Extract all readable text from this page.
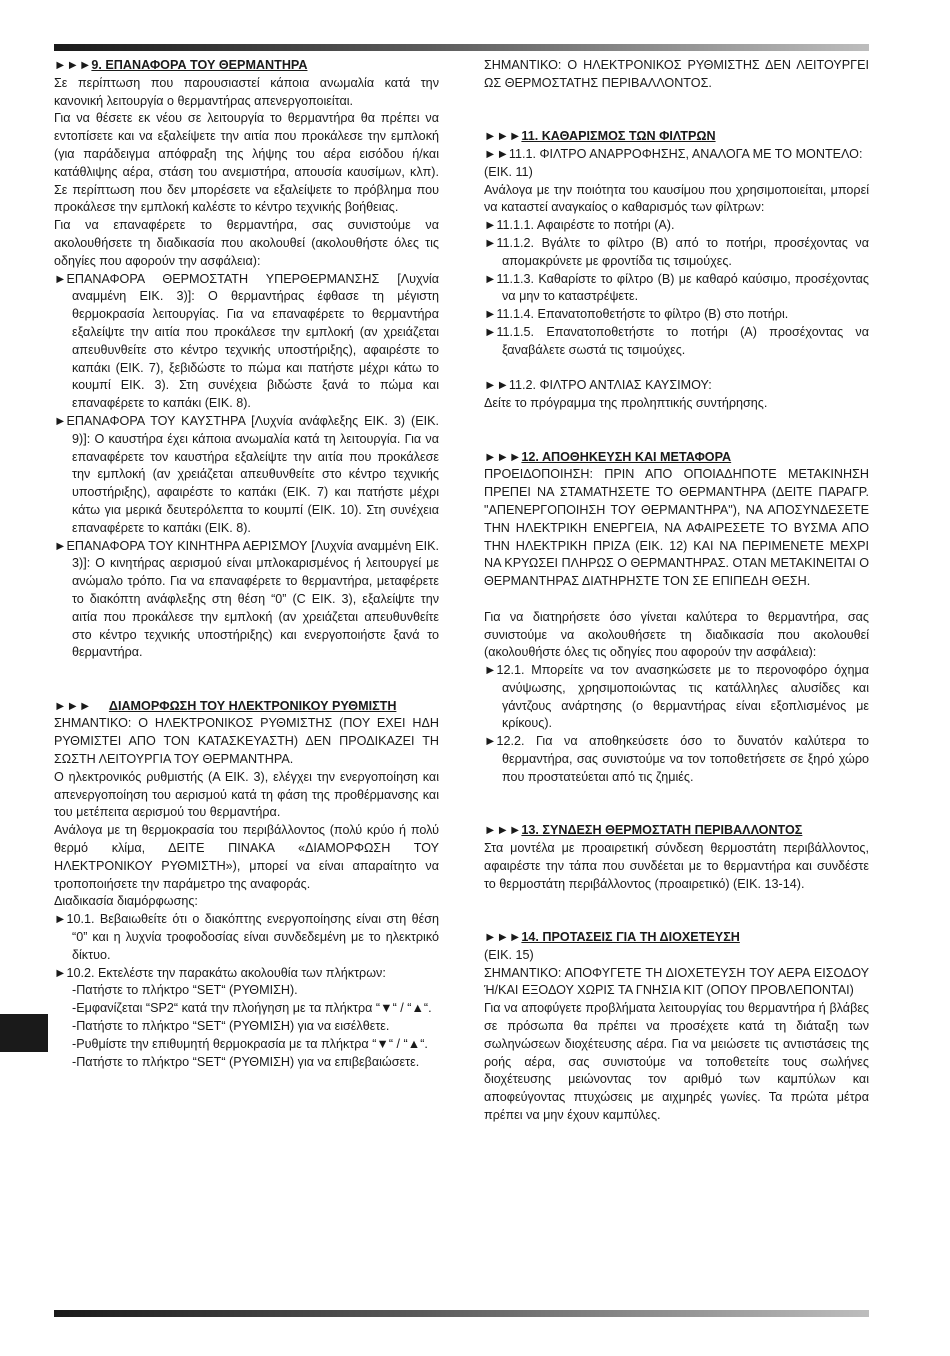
►►►9. ΕΠΑΝΑΦΟΡΑ ΤΟΥ ΘΕΡΜΑΝΤΗΡΑ

Σε περίπτωση που παρουσιαστεί κάποια ανωμαλία κατά την κανονική λειτουργία ο θερμαντήρας απενεργοποιείται.

Για να θέσετε εκ νέου σε λειτουργία το θερμαντήρα θα πρέπει να εντοπίσετε και να εξαλείψετε την αιτία που προκάλεσε την εμπλοκή (για παράδειγμα απόφραξη της λήψης του αέρα εισόδου ή/και κατάθλιψης αέρα, στάση του ανεμιστήρα, απουσία καυσίμων, κλπ). Σε περίπτωση που δεν μπορέσετε να εξαλείψετε το πρόβλημα που προκάλεσε την εμπλοκή καλέστε το κέντρο τεχνικής βοήθειας.

Για να επαναφέρετε το θερμαντήρα, σας συνιστούμε να ακολουθήσετε τη διαδικασία που ακολουθεί (ακολουθήστε όλες τις οδηγίες που αφορούν την ασφάλεια):

►ΕΠΑΝΑΦΟΡΑ ΘΕΡΜΟΣΤΑΤΗ ΥΠΕΡΘΕΡΜΑΝΣΗΣ [Λυχνία αναμμένη ΕΙΚ. 3)]: Ο θερμαντήρας έφθασε τη μέγιστη θερμοκρασία λειτουργίας. Για να επαναφέρετε το θερμαντήρα εξαλείψτε την αιτία που προκάλεσε την εμπλοκή (αν χρειάζεται απευθυνθείτε στο κέντρο τεχνικής υποστήριξης), αφαιρέστε το καπάκι (ΕΙΚ. 7), ξεβιδώστε το πώμα και πατήστε μέχρι κάτω το κουμπί ΕΙΚ. 3). Στη συνέχεια βιδώστε ξανά το πώμα και επαναφέρετε το καπάκι (ΕΙΚ. 8).

►ΕΠΑΝΑΦΟΡΑ ΤΟΥ ΚΑΥΣΤΗΡΑ [Λυχνία ανάφλεξης ΕΙΚ. 3) (ΕΙΚ. 9)]: Ο καυστήρα έχει κάποια ανωμαλία κατά τη λειτουργία. Για να επαναφέρετε τον καυστήρα εξαλείψτε την αιτία που προκάλεσε την εμπλοκή (αν χρειάζεται απευθυνθείτε στο κέντρο τεχνικής υποστήριξης), αφαιρέστε το καπάκι (ΕΙΚ. 7) και πατήστε μέχρι κάτω για μερικά δευτερόλεπτα το κουμπί (ΕΙΚ. 10). Στη συνέχεια επαναφέρετε το καπάκι (ΕΙΚ. 8).

►ΕΠΑΝΑΦΟΡΑ ΤΟΥ ΚΙΝΗΤΗΡΑ ΑΕΡΙΣΜΟΥ [Λυχνία αναμμένη ΕΙΚ. 3)]: Ο κινητήρας αερισμού είναι μπλοκαρισμένος ή λειτουργεί με ανώμαλο τρόπο. Για να επαναφέρετε το θερμαντήρα, μεταφέρετε το διακόπτη ανάφλεξης στη θέση “0” (C ΕΙΚ. 3), εξαλείψτε την αιτία που προκάλεσε την εμπλοκή (αν χρειάζεται απευθυνθείτε στο κέντρο τεχνικής υποστήριξης) και ενεργοποιήστε ξανά το θερμαντήρα.

►►► ΔΙΑΜΟΡΦΩΣΗ ΤΟΥ ΗΛΕΚΤΡΟΝΙΚΟΥ ΡΥΘΜΙΣΤΗ

ΣΗΜΑΝΤΙΚΟ: Ο ΗΛΕΚΤΡΟΝΙΚΟΣ ΡΥΘΜΙΣΤΗΣ (ΠΟΥ ΕΧΕΙ ΗΔΗ ΡΥΘΜΙΣΤΕΙ ΑΠΟ ΤΟΝ ΚΑΤΑΣΚΕΥΑΣΤΗ) ΔΕΝ ΠΡΟΔΙΚΑΖΕΙ ΤΗ ΣΩΣΤΗ ΛΕΙΤΟΥΡΓΙΑ ΤΟΥ ΘΕΡΜΑΝΤΗΡΑ.

Ο ηλεκτρονικός ρυθμιστής (A ΕΙΚ. 3), ελέγχει την ενεργοποίηση και απενεργοποίηση του αερισμού κατά τη φάση της προθέρμανσης και του μετέπειτα αερισμού του θερμαντήρα.

Ανάλογα με τη θερμοκρασία του περιβάλλοντος (πολύ κρύο ή πολύ θερμό κλίμα, ΔΕΙΤΕ ΠΙΝΑΚΑ «ΔΙΑΜΟΡΦΩΣΗ ΤΟΥ ΗΛΕΚΤΡΟΝΙΚΟΥ ΡΥΘΜΙΣΤΗ»), μπορεί να είναι απαραίτητο να τροποποιήσετε την παράμετρο της αναφοράς.

Διαδικασία διαμόρφωσης:

►10.1. Βεβαιωθείτε ότι ο διακόπτης ενεργοποίησης είναι στη θέση “0” και η λυχνία τροφοδοσίας είναι συνδεδεμένη με το ηλεκτρικό δίκτυο.

►10.2. Εκτελέστε την παρακάτω ακολουθία των πλήκτρων:

-Πατήστε το πλήκτρο “SET“ (ΡΥΘΜΙΣΗ).

-Εμφανίζεται “SP2“ κατά την πλοήγηση με τα πλήκτρα “▼“ / “▲“.

-Πατήστε το πλήκτρο “SET“ (ΡΥΘΜΙΣΗ) για να εισέλθετε.

-Ρυθμίστε την επιθυμητή θερμοκρασία με τα πλήκτρα “▼“ / “▲“.

-Πατήστε το πλήκτρο “SET“ (ΡΥΘΜΙΣΗ) για να επιβεβαιώσετε.

ΣΗΜΑΝΤΙΚΟ: Ο ΗΛΕΚΤΡΟΝΙΚΟΣ ΡΥΘΜΙΣΤΗΣ ΔΕΝ ΛΕΙΤΟΥΡΓΕΙ ΩΣ ΘΕΡΜΟΣΤΑΤΗΣ ΠΕΡΙΒΑΛΛΟΝΤΟΣ.

►►►11. ΚΑΘΑΡΙΣΜΟΣ ΤΩΝ ΦΙΛΤΡΩΝ

►►11.1. ΦΙΛΤΡΟ ΑΝΑΡΡΟΦΗΣΗΣ, ΑΝΑΛΟΓΑ ΜΕ ΤΟ ΜΟΝΤΕΛΟ:

(ΕΙΚ. 11)

Ανάλογα με την ποιότητα του καυσίμου που χρησιμοποιείται, μπορεί να καταστεί αναγκαίος ο καθαρισμός των φίλτρων:

►11.1.1. Αφαιρέστε το ποτήρι (A).

►11.1.2. Βγάλτε το φίλτρο (B) από το ποτήρι, προσέχοντας να απομακρύνετε με φροντίδα τις τσιμούχες.

►11.1.3. Καθαρίστε το φίλτρο (B) με καθαρό καύσιμο, προσέχοντας να μην το καταστρέψετε.

►11.1.4. Επανατοποθετήστε το φίλτρο (B) στο ποτήρι.

►11.1.5. Επανατοποθετήστε το ποτήρι (A) προσέχοντας να ξαναβάλετε σωστά τις τσιμούχες.

►►11.2. ΦΙΛΤΡΟ ΑΝΤΛΙΑΣ ΚΑΥΣΙΜΟΥ:

Δείτε το πρόγραμμα της προληπτικής συντήρησης.

►►►12. ΑΠΟΘΗΚΕΥΣΗ ΚΑΙ ΜΕΤΑΦΟΡΑ

ΠΡΟΕΙΔΟΠΟΙΗΣΗ: ΠΡΙΝ ΑΠΟ ΟΠΟΙΑΔΗΠΟΤΕ ΜΕΤΑΚΙΝΗΣΗ ΠΡΕΠΕΙ ΝΑ ΣΤΑΜΑΤΗΣΕΤΕ ΤΟ ΘΕΡΜΑΝΤΗΡΑ (ΔΕΙΤΕ ΠΑΡΑΓΡ. "ΑΠΕΝΕΡΓΟΠΟΙΗΣΗ ΤΟΥ ΘΕΡΜΑΝΤΗΡΑ"), ΝΑ ΑΠΟΣΥΝΔΕΣΕΤΕ ΤΗΝ ΗΛΕΚΤΡΙΚΗ ΕΝΕΡΓΕΙΑ, ΝΑ ΑΦΑΙΡΕΣΕΤΕ ΤΟ ΒΥΣΜΑ ΑΠΟ ΤΗΝ ΗΛΕΚΤΡΙΚΗ ΠΡΙΖΑ (ΕΙΚ. 12) ΚΑΙ ΝΑ ΠΕΡΙΜΕΝΕΤΕ ΜΕΧΡΙ ΝΑ ΚΡΥΩΣΕΙ ΠΛΗΡΩΣ Ο ΘΕΡΜΑΝΤΗΡΑΣ. ΟΤΑΝ ΜΕΤΑΚΙΝΕΙΤΑΙ Ο ΘΕΡΜΑΝΤΗΡΑΣ ΔΙΑΤΗΡΗΣΤΕ ΤΟΝ ΣΕ ΕΠΙΠΕΔΗ ΘΕΣΗ.

Για να διατηρήσετε όσο γίνεται καλύτερα το θερμαντήρα, σας συνιστούμε να ακολουθήσετε τη διαδικασία που ακολουθεί (ακολουθήστε όλες τις οδηγίες που αφορούν την ασφάλεια):

►12.1. Μπορείτε να τον ανασηκώσετε με το περονοφόρο όχημα ανύψωσης, χρησιμοποιώντας τις κατάλληλες αλυσίδες και γάντζους ανάρτησης (ο θερμαντήρας είναι εξοπλισμένος με κρίκους).

►12.2. Για να αποθηκεύσετε όσο το δυνατόν καλύτερα το θερμαντήρα, σας συνιστούμε να τον τοποθετήσετε σε ξηρό χώρο που προστατεύεται από τις ζημιές.

►►►13. ΣΥΝΔΕΣΗ ΘΕΡΜΟΣΤΑΤΗ ΠΕΡΙΒΑΛΛΟΝΤΟΣ

Στα μοντέλα με προαιρετική σύνδεση θερμοστάτη περιβάλλοντος, αφαιρέστε την τάπα που συνδέεται με το θερμαντήρα και συνδέστε το θερμοστάτη περιβάλλοντος (προαιρετικό) (ΕΙΚ. 13-14).

►►►14. ΠΡΟΤΑΣΕΙΣ ΓΙΑ ΤΗ ΔΙΟΧΕΤΕΥΣΗ

(ΕΙΚ. 15)

ΣΗΜΑΝΤΙΚΟ: ΑΠΟΦΥΓΕΤΕ ΤΗ ΔΙΟΧΕΤΕΥΣΗ ΤΟΥ ΑΕΡΑ ΕΙΣΟΔΟΥ Ή/ΚΑΙ ΕΞΟΔΟΥ ΧΩΡΙΣ ΤΑ ΓΝΗΣΙΑ ΚΙΤ (ΟΠΟΥ ΠΡΟΒΛΕΠΟΝΤΑΙ)

Για να αποφύγετε προβλήματα λειτουργίας του θερμαντήρα ή βλάβες σε πρόσωπα θα πρέπει να προσέχετε κατά τη διάταξη των σωληνώσεων διοχέτευσης αέρα. Για να μειώσετε τις αντιστάσεις της ροής αέρα, σας συνιστούμε να τοποθετείτε τους σωλήνες διοχέτευσης μειώνοντας τον αριθμό των καμπύλων και αποφεύγοντας πτυχώσεις με αιχμηρές γωνίες. Τα πρώτα μέτρα πρέπει να μην έχουν καμπύλες.
